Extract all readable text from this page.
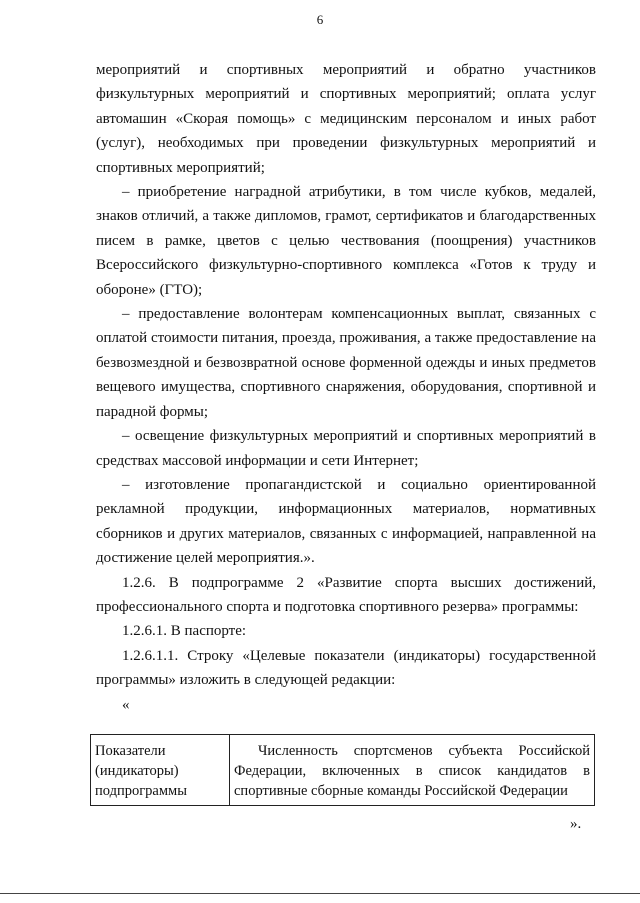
6

мероприятий и спортивных мероприятий и обратно участников физкультурных мероприятий и спортивных мероприятий; оплата услуг автомашин «Скорая помощь» с медицинским персоналом и иных работ (услуг), необходимых при проведении физкультурных мероприятий и спортивных мероприятий;

– приобретение наградной атрибутики, в том числе кубков, медалей, знаков отличий, а также дипломов, грамот, сертификатов и благодарственных писем в рамке, цветов с целью чествования (поощрения) участников Всероссийского физкультурно-спортивного комплекса «Готов к труду и обороне» (ГТО);

– предоставление волонтерам компенсационных выплат, связанных с оплатой стоимости питания, проезда, проживания, а также предоставление на безвозмездной и безвозвратной основе форменной одежды и иных предметов вещевого имущества, спортивного снаряжения, оборудования, спортивной и парадной формы;

– освещение физкультурных мероприятий и спортивных мероприятий в средствах массовой информации и сети Интернет;

– изготовление пропагандистской и социально ориентированной рекламной продукции, информационных материалов, нормативных сборников и других материалов, связанных с информацией, направленной на достижение целей мероприятия.».

1.2.6. В подпрограмме 2 «Развитие спорта высших достижений, профессионального спорта и подготовка спортивного резерва» программы:

1.2.6.1. В паспорте:

1.2.6.1.1. Строку «Целевые показатели (индикаторы) государственной программы» изложить в следующей редакции:

«

Показатели (индикаторы) подпрограммы	Численность спортсменов субъекта Российской Федерации, включенных в список кандидатов в спортивные сборные команды Российской Федерации
».
